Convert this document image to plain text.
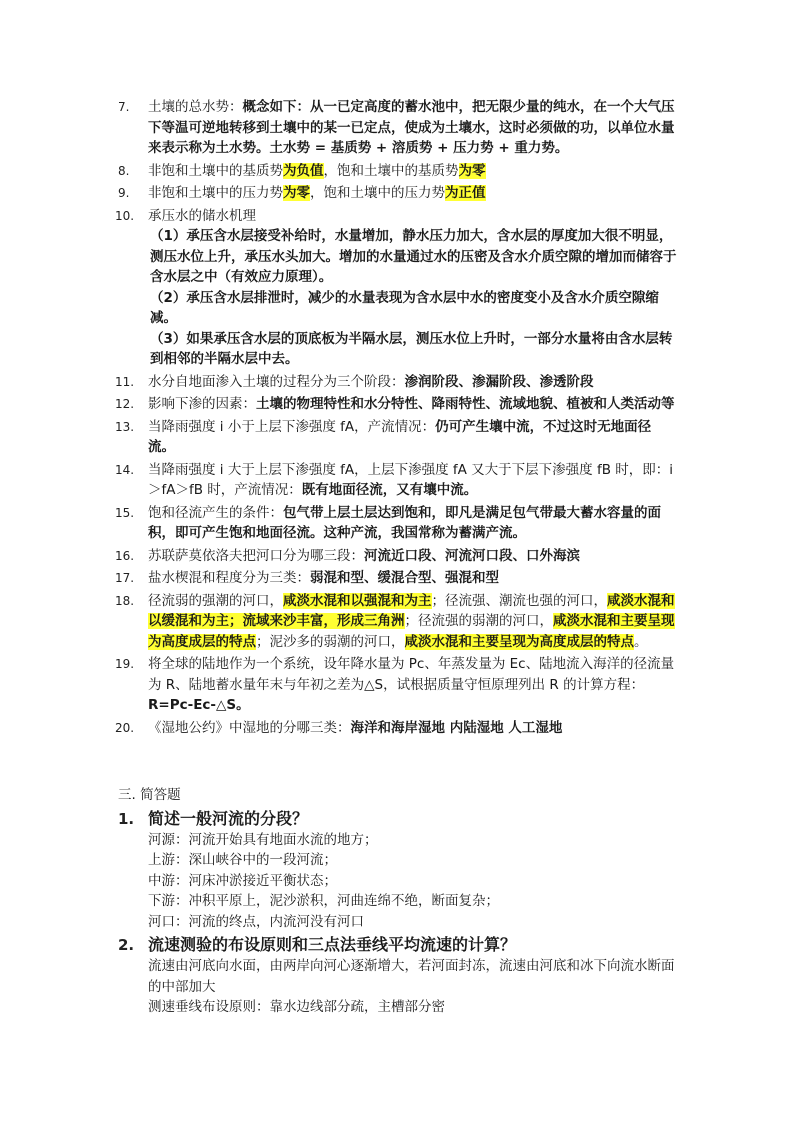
7. 土壤的总水势：概念如下：从一已定高度的蓄水池中，把无限少量的纯水，在一个大气压下等温可逆地转移到土壤中的某一已定点，使成为土壤水，这时必须做的功，以单位水量来表示称为土水势。土水势 = 基质势 + 溶质势 + 压力势 + 重力势。
8. 非饱和土壤中的基质势为负值，饱和土壤中的基质势为零
9. 非饱和土壤中的压力势为零，饱和土壤中的压力势为正值
10. 承压水的储水机理
（1）承压含水层接受补给时，水量增加，静水压力加大，含水层的厚度加大很不明显，测压水位上升，承压水头加大。增加的水量通过水的压密及含水介质空隙的增加而储容于含水层之中（有效应力原理）。
（2）承压含水层排泄时，减少的水量表现为含水层中水的密度变小及含水介质空隙缩减。
（3）如果承压含水层的顶底板为半隔水层，测压水位上升时，一部分水量将由含水层转到相邻的半隔水层中去。
11. 水分自地面渗入土壤的过程分为三个阶段：渗润阶段、渗漏阶段、渗透阶段
12. 影响下渗的因素：土壤的物理特性和水分特性、降雨特性、流域地貌、植被和人类活动等
13. 当降雨强度 i 小于上层下渗强度 fA，产流情况：仍可产生壤中流，不过这时无地面径流。
14. 当降雨强度 i 大于上层下渗强度 fA，上层下渗强度 fA 又大于下层下渗强度 fB 时，即：i＞fA＞fB 时，产流情况：既有地面径流，又有壤中流。
15. 饱和径流产生的条件：包气带上层土层达到饱和，即凡是满足包气带最大蓄水容量的面积，即可产生饱和地面径流。这种产流，我国常称为蓄满产流。
16. 苏联萨莫依洛夫把河口分为哪三段：河流近口段、河流河口段、口外海滨
17. 盐水楔混和程度分为三类：弱混和型、缓混合型、强混和型
18. 径流弱的强潮的河口，咸淡水混和以强混和为主；径流强、潮流也强的河口，咸淡水混和以缓混和为主；流域来沙丰富，形成三角洲；径流强的弱潮的河口，咸淡水混和主要呈现为高度成层的特点；泥沙多的弱潮的河口，咸淡水混和主要呈现为高度成层的特点。
19. 将全球的陆地作为一个系统，设年降水量为 Pc、年蒸发量为 Ec、陆地流入海洋的径流量为 R、陆地蓄水量年末与年初之差为△S，试根据质量守恒原理列出 R 的计算方程：R=Pc-Ec-△S。
20. 《湿地公约》中湿地的分哪三类：海洋和海岸湿地 内陆湿地 人工湿地
三. 简答题
1. 简述一般河流的分段？
河源：河流开始具有地面水流的地方；
上游：深山峡谷中的一段河流；
中游：河床冲淤接近平衡状态；
下游：冲积平原上，泥沙淤积，河曲连绵不绝，断面复杂；
河口：河流的终点，内流河没有河口
2. 流速测验的布设原则和三点法垂线平均流速的计算？
流速由河底向水面，由两岸向河心逐渐增大，若河面封冻，流速由河底和冰下向流水断面的中部加大
测速垂线布设原则：靠水边线部分疏，主槽部分密
